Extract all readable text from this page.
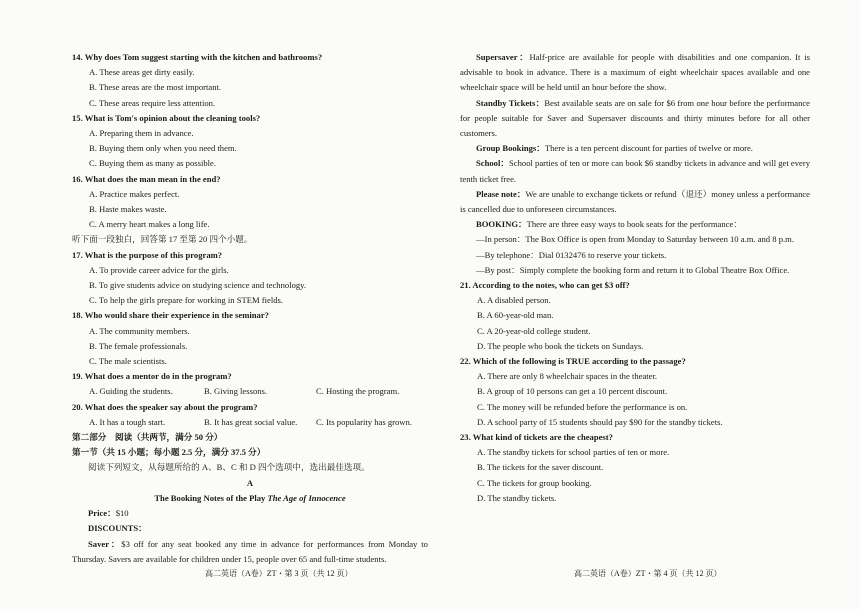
14. Why does Tom suggest starting with the kitchen and bathrooms?

A. These areas get dirty easily.

B. These areas are the most important.

C. These areas require less attention.

15. What is Tom's opinion about the cleaning tools?

A. Preparing them in advance.

B. Buying them only when you need them.

C. Buying them as many as possible.

16. What does the man mean in the end?

A. Practice makes perfect.

B. Haste makes waste.

C. A merry heart makes a long life.

听下面一段独白，回答第 17 至第 20 四个小题。

17. What is the purpose of this program?

A. To provide career advice for the girls.

B. To give students advice on studying science and technology.

C. To help the girls prepare for working in STEM fields.

18. Who would share their experience in the seminar?

A. The community members.

B. The female professionals.

C. The male scientists.

19. What does a mentor do in the program?

A. Guiding the students.	B. Giving lessons.	C. Hosting the program.

20. What does the speaker say about the program?

A. It has a tough start.	B. It has great social value.	C. Its popularity has grown.

第二部分　阅读（共两节，满分 50 分）

第一节（共 15 小题；每小题 2.5 分，满分 37.5 分）

阅读下列短文，从每题所给的 A、B、C 和 D 四个选项中，选出最佳选项。

A

The Booking Notes of the Play The Age of Innocence

Price：$10

DISCOUNTS：

Saver：$3 off for any seat booked any time in advance for performances from Monday to Thursday. Savers are available for children under 15, people over 65 and full-time students.

Supersaver：Half-price are available for people with disabilities and one companion. It is advisable to book in advance. There is a maximum of eight wheelchair spaces available and one wheelchair space will be held until an hour before the show.

Standby Tickets：Best available seats are on sale for $6 from one hour before the performance for people suitable for Saver and Supersaver discounts and thirty minutes before for all other customers.

Group Bookings：There is a ten percent discount for parties of twelve or more.

School：School parties of ten or more can book $6 standby tickets in advance and will get every tenth ticket free.

Please note：We are unable to exchange tickets or refund（退还）money unless a performance is cancelled due to unforeseen circumstances.

BOOKING：There are three easy ways to book seats for the performance：

—In person：The Box Office is open from Monday to Saturday between 10 a.m. and 8 p.m.

—By telephone：Dial 0132476 to reserve your tickets.

—By post：Simply complete the booking form and return it to Global Theatre Box Office.

21. According to the notes, who can get $3 off?

A. A disabled person.

B. A 60-year-old man.

C. A 20-year-old college student.

D. The people who book the tickets on Sundays.

22. Which of the following is TRUE according to the passage?

A. There are only 8 wheelchair spaces in the theater.

B. A group of 10 persons can get a 10 percent discount.

C. The money will be refunded before the performance is on.

D. A school party of 15 students should pay $90 for the standby tickets.

23. What kind of tickets are the cheapest?

A. The standby tickets for school parties of ten or more.

B. The tickets for the saver discount.

C. The tickets for group booking.

D. The standby tickets.

高二英语（A卷）ZT・第 3 页（共 12 页）	高二英语（A卷）ZT・第 4 页（共 12 页）
